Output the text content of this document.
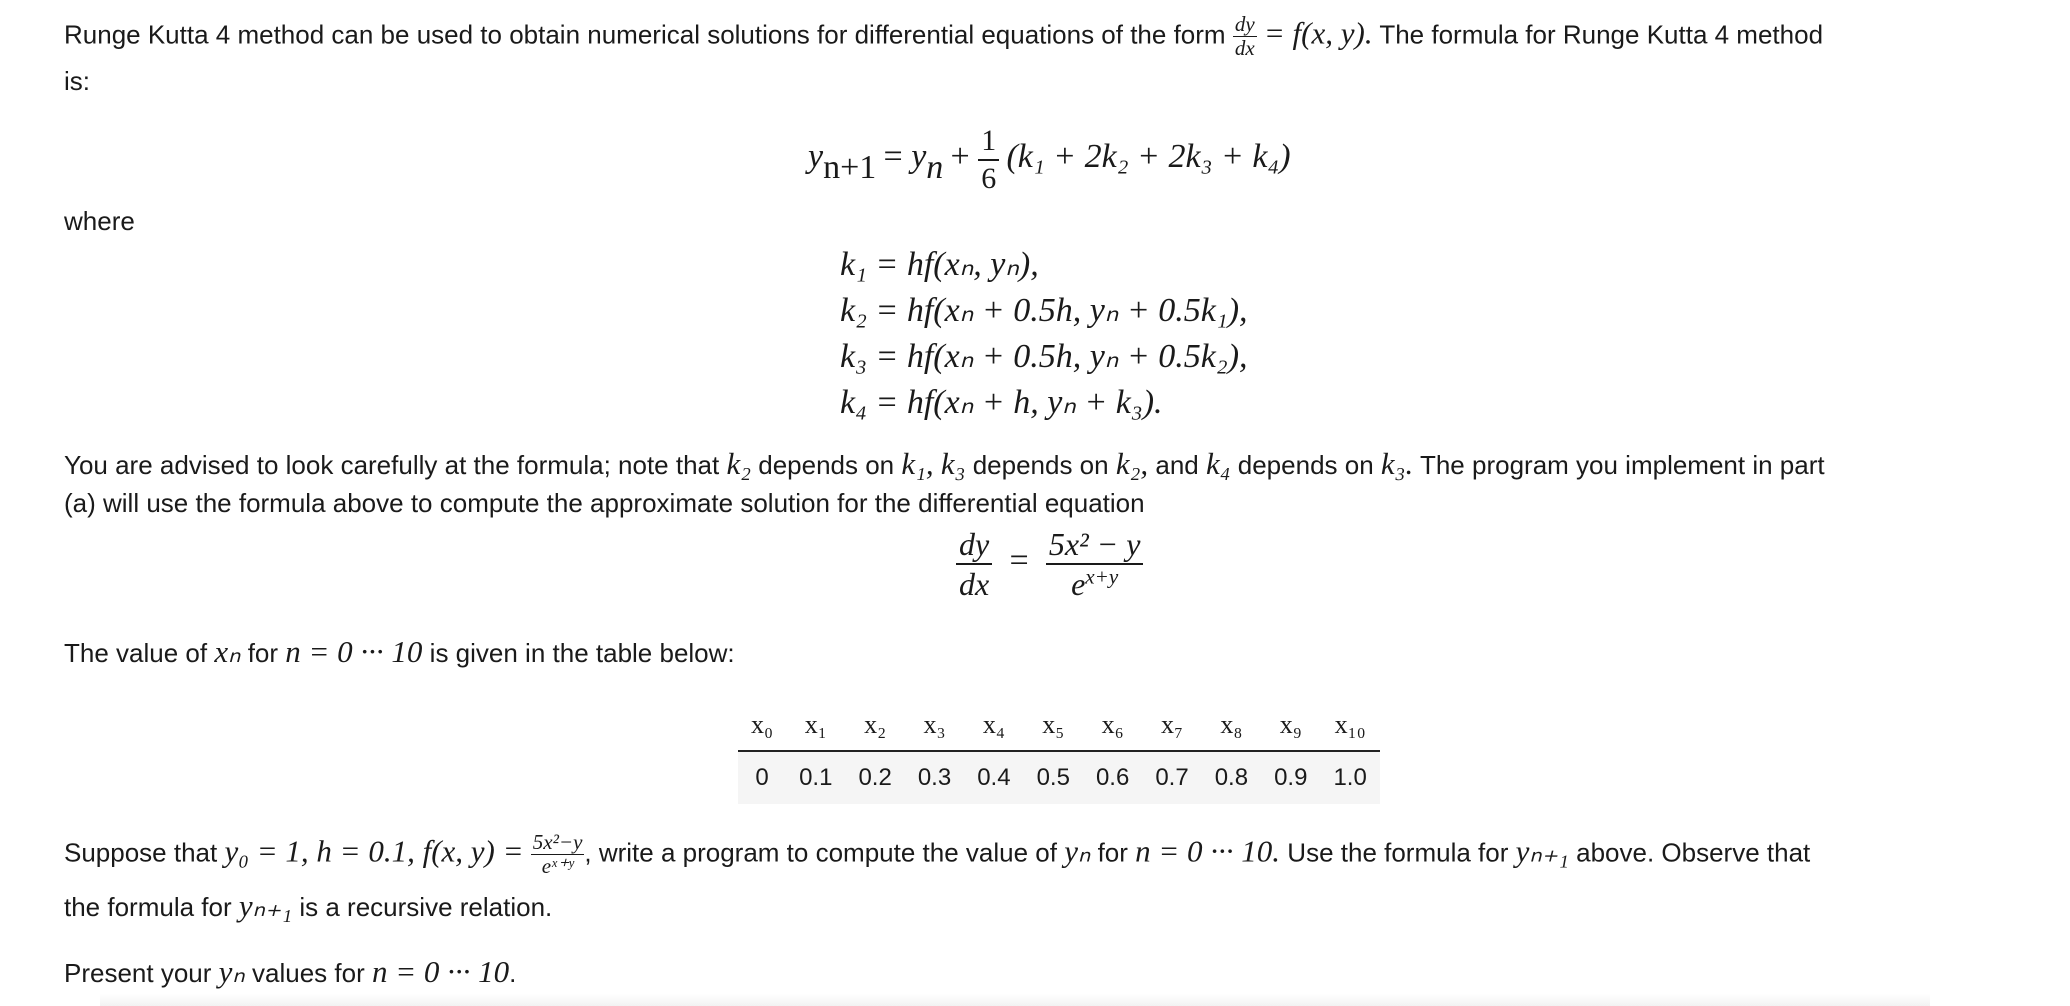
Runge Kutta 4 method can be used to obtain numerical solutions for differential equations of the form $\frac{dy}{dx} = f(x$, y). The formula for Runge Kutta 4 method
is:
$y_{n+1} = y_n + \frac{1}{6} (k_1 + 2k_2 + 2k_3 + k_4)$
where
k₁ = hf(xₙ, yₙ),
k₂ = hf(xₙ + 0.5h, yₙ + 0.5k₁),
k₃ = hf(xₙ + 0.5h, yₙ + 0.5k₂),
k₄ = hf(xₙ + h, yₙ + k₃).
You are advised to look carefully at the formula; note that k₂ depends on k₁, k₃ depends on k₂, and k₄ depends on k₃. The program you implement in part
(a) will use the formula above to compute the approximate solution for the differential equation
$\frac{dy}{dx} = \frac{\text{5x² − y}}{e^{x+y}}$
The value of xₙ for n = 0 ··· 10 is given in the table below:
x₀	x₁	x₂	x₃	x₄	x₅	x₆	x₇	x₈	x₉	x₁₀
0	0.1	0.2	0.3	0.4	0.5	0.6	0.7	0.8	0.9	1.0
Suppose that y₀ = 1, h = 0.1, f(x, $y) = \frac{\text{5x²−y}}{\text{eˣ⁺ʸ}}$ , write a program to compute the value of yₙ for n = 0 ··· 10. Use the formula for yₙ₊₁ above. Observe that
the formula for yₙ₊₁ is a recursive relation.
Present your yₙ values for n = 0 ··· 10.
